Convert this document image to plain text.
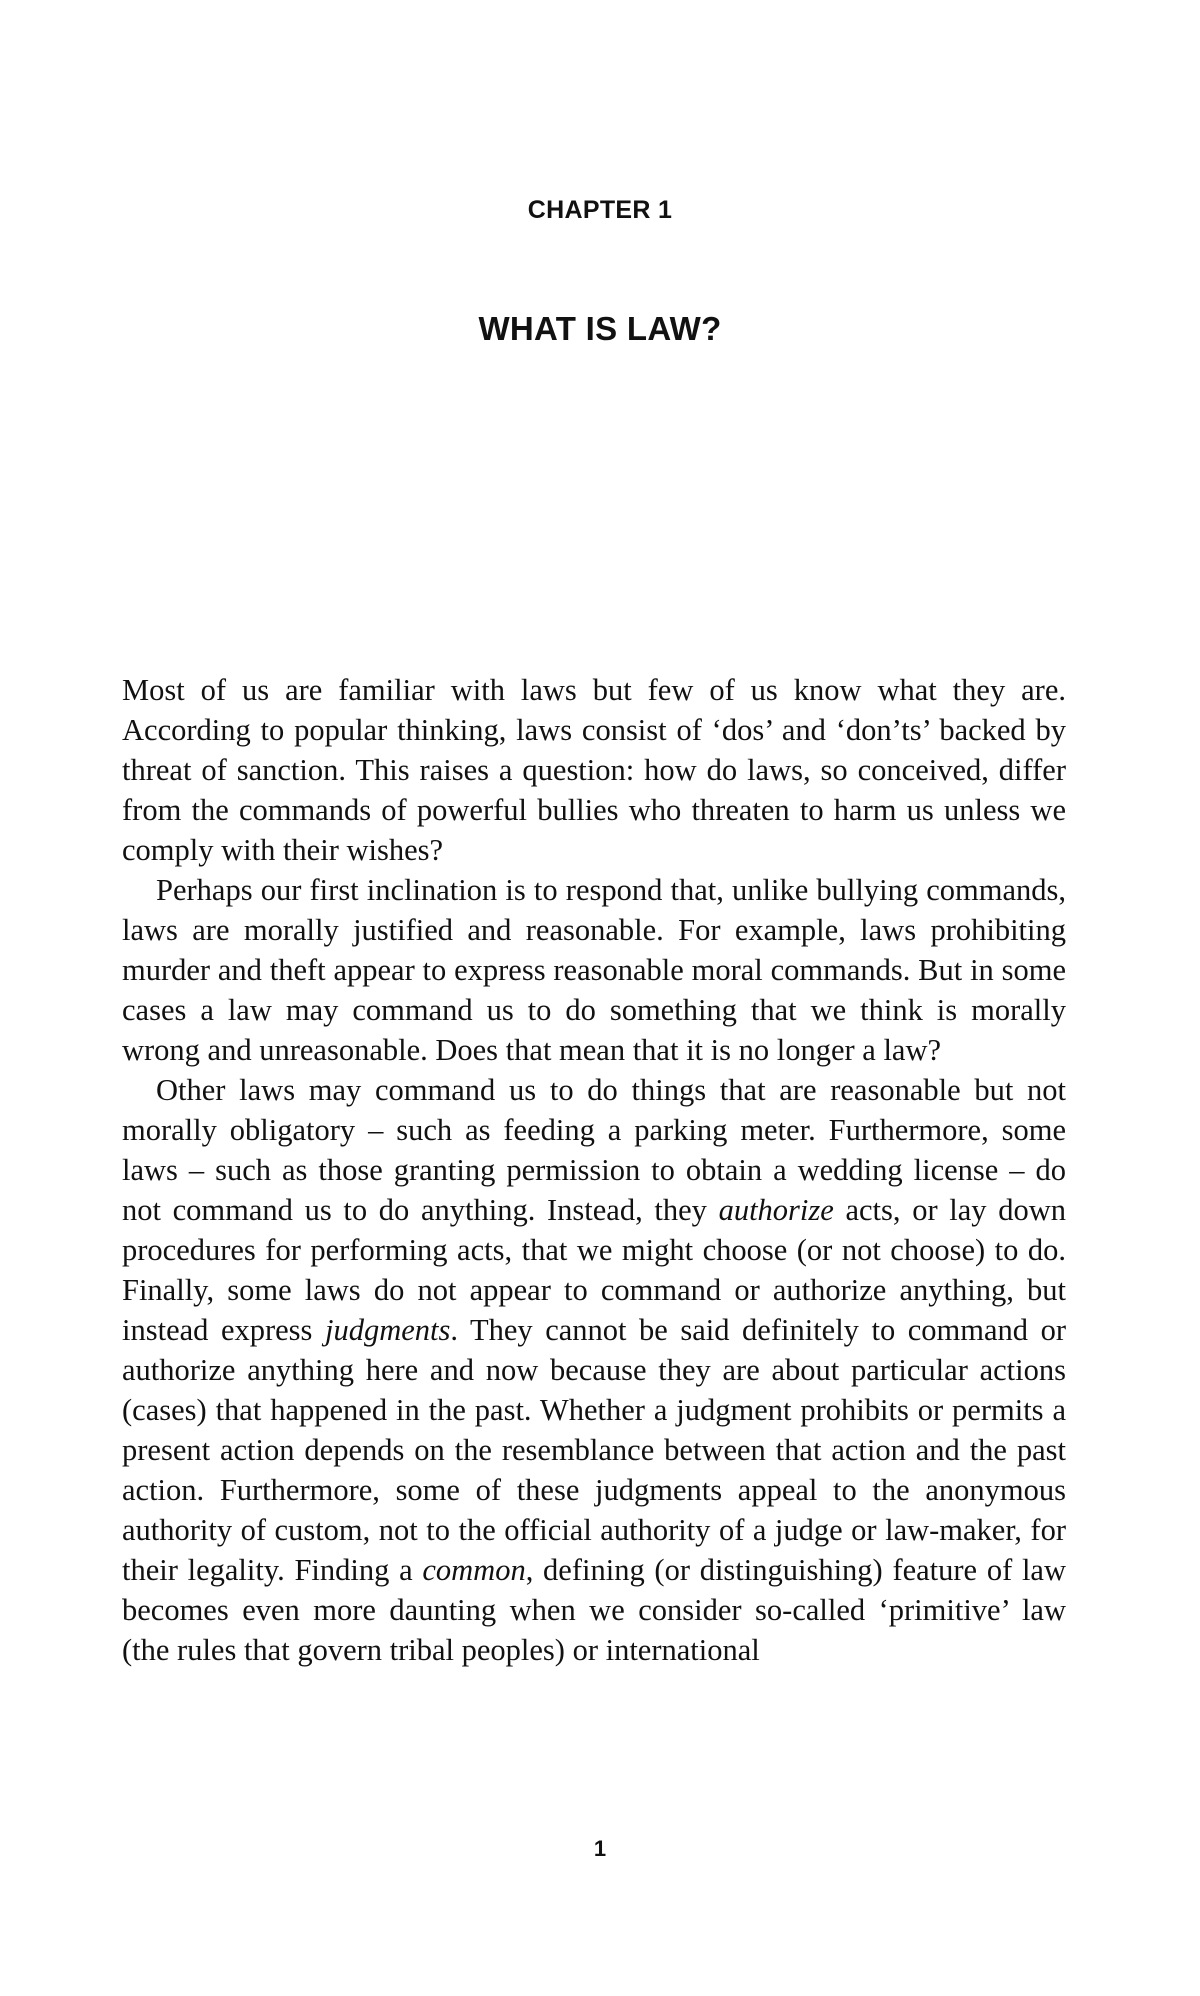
CHAPTER 1
WHAT IS LAW?

Most of us are familiar with laws but few of us know what they are. According to popular thinking, laws consist of ‘dos’ and ‘don’ts’ backed by threat of sanction. This raises a question: how do laws, so conceived, differ from the commands of powerful bullies who threaten to harm us unless we comply with their wishes?

Perhaps our first inclination is to respond that, unlike bullying commands, laws are morally justified and reasonable. For example, laws prohibiting murder and theft appear to express reasonable moral commands. But in some cases a law may command us to do something that we think is morally wrong and unreasonable. Does that mean that it is no longer a law?

Other laws may command us to do things that are reasonable but not morally obligatory – such as feeding a parking meter. Furthermore, some laws – such as those granting permission to obtain a wedding license – do not command us to do anything. Instead, they authorize acts, or lay down procedures for performing acts, that we might choose (or not choose) to do. Finally, some laws do not appear to command or authorize anything, but instead express judgments. They cannot be said definitely to command or authorize anything here and now because they are about particular actions (cases) that happened in the past. Whether a judgment prohibits or permits a present action depends on the resemblance between that action and the past action. Furthermore, some of these judgments appeal to the anonymous authority of custom, not to the official authority of a judge or law-maker, for their legality. Finding a common, defining (or distinguishing) feature of law becomes even more daunting when we consider so-called ‘primitive’ law (the rules that govern tribal peoples) or international

1
